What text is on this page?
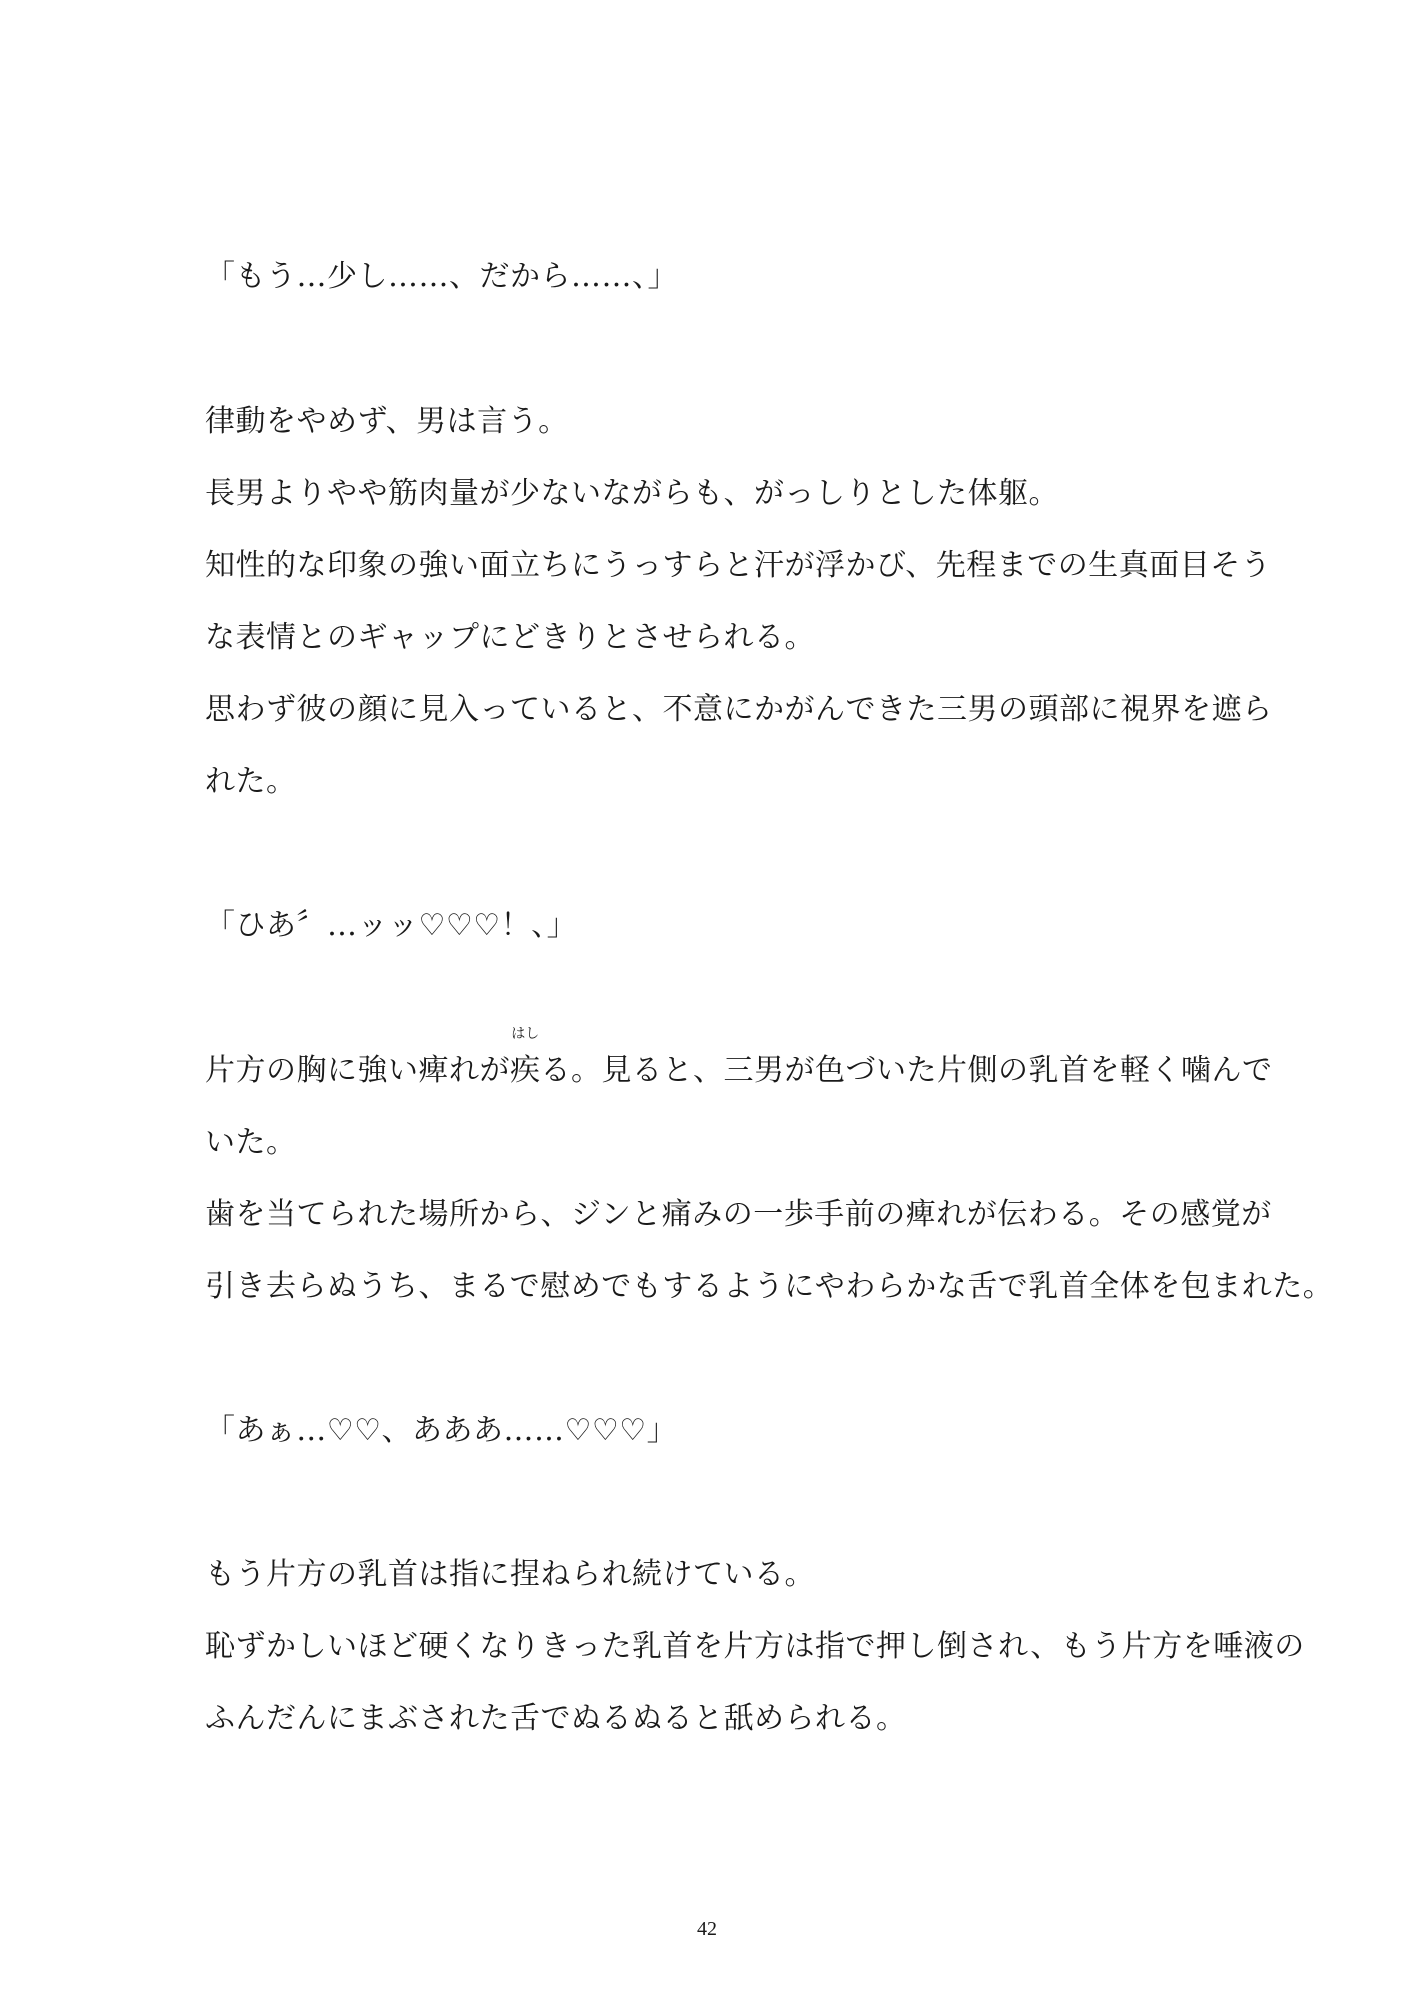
「もう…少し……、だから……、」
律動をやめず、男は言う。
長男よりやや筋肉量が少ないながらも、がっしりとした体躯。
知性的な印象の強い面立ちにうっすらと汗が浮かび、先程までの生真面目そう
な表情とのギャップにどきりとさせられる。
思わず彼の顔に見入っていると、不意にかがんできた三男の頭部に視界を遮ら
れた。
「ひあ〞…ッッ♡♡♡！、」
片方の胸に強い痺れが
はし
疾る。見ると、三男が色づいた片側の乳首を軽く噛んで
いた。
歯を当てられた場所から、ジンと痛みの一歩手前の痺れが伝わる。その感覚が
引き去らぬうち、まるで慰めでもするようにやわらかな舌で乳首全体を包まれた。
「あぁ…♡♡、あああ……♡♡♡」
もう片方の乳首は指に捏ねられ続けている。
恥ずかしいほど硬くなりきった乳首を片方は指で押し倒され、もう片方を唾液の
ふんだんにまぶされた舌でぬるぬると舐められる。
42
